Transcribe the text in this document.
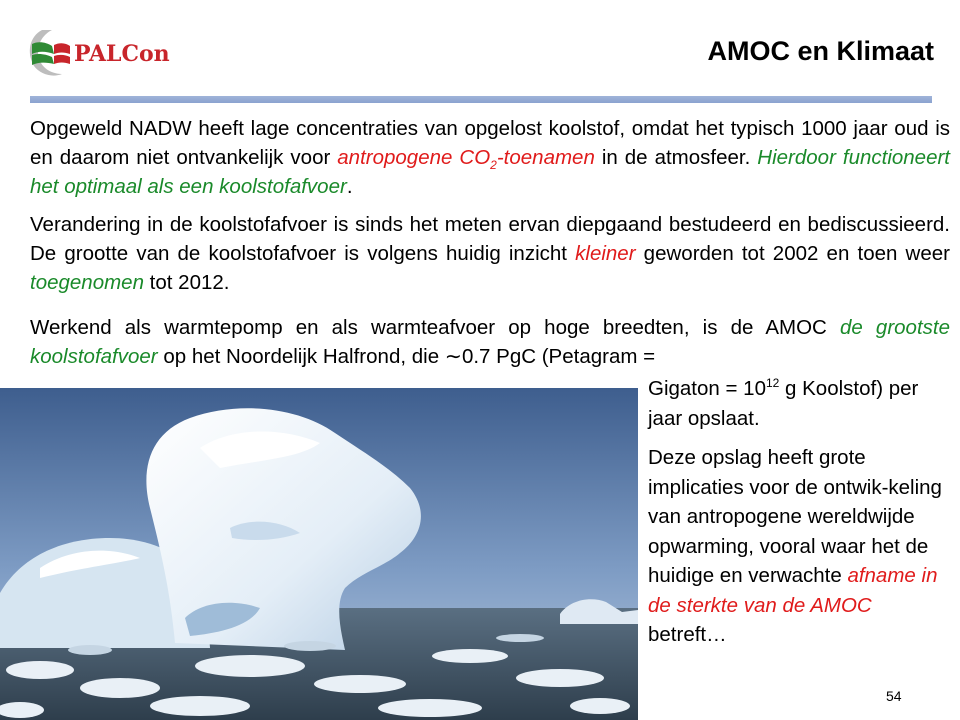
PALCon	AMOC en Klimaat
Opgeweld NADW heeft lage concentraties van opgelost koolstof, omdat het typisch 1000 jaar oud is en daarom niet ontvankelijk voor antropogene $CO_2$-toenamen in de atmosfeer. Hierdoor functioneert het optimaal als een koolstofafvoer.
Verandering in de koolstofafvoer is sinds het meten ervan diepgaand bestudeerd en bediscussieerd. De grootte van de koolstofafvoer is volgens huidig inzicht kleiner geworden tot 2002 en toen weer toegenomen tot 2012.
Werkend als warmtepomp en als warmteafvoer op hoge breedten, is de AMOC de grootste koolstofafvoer op het Noordelijk Halfrond, die ∼0.7 PgC (Petagram =
Gigaton = $10^{12}$ g Koolstof) per jaar opslaat.
Deze opslag heeft grote implicaties voor de ontwik-keling van antropogene wereldwijde opwarming, vooral waar het de huidige en verwachte afname in de sterkte van de AMOC betreft…
54
